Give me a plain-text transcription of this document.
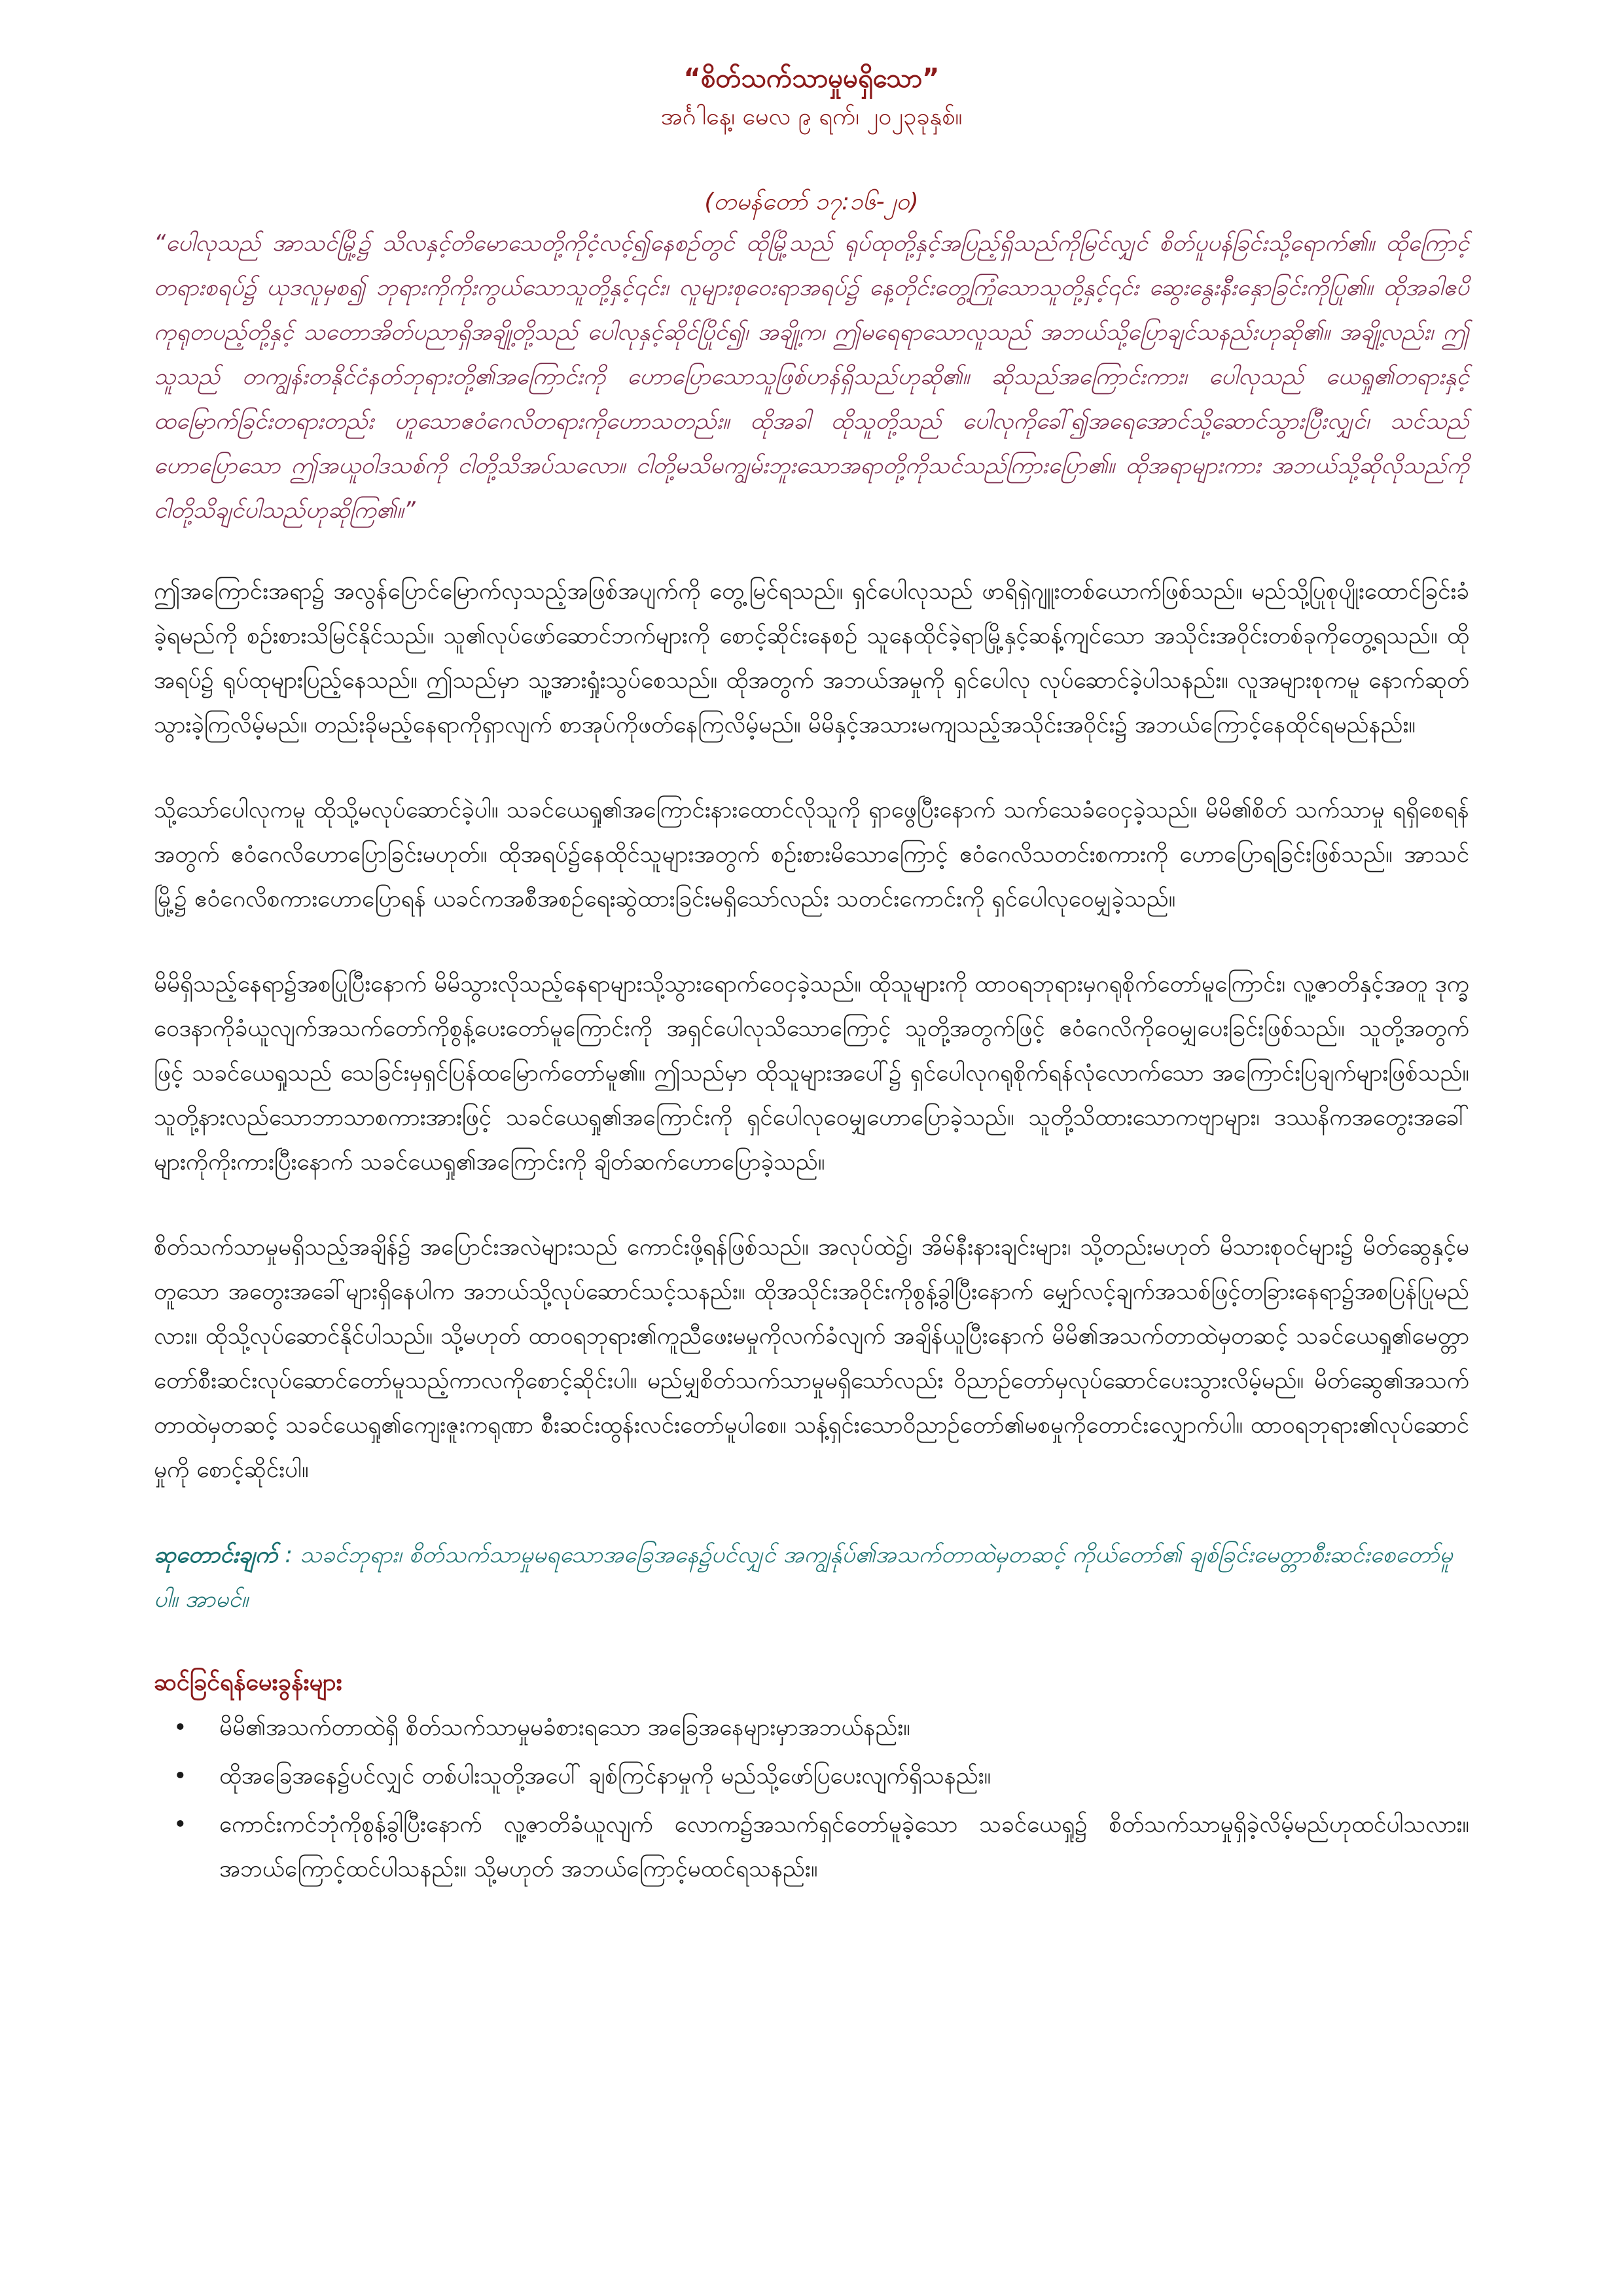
“စိတ်သက်သာမှုမရှိသော”

အင်္ဂါနေ့၊ မေလ ၉ ရက်၊ ၂၀၂၃ခုနှစ်။

(တမန်တော် ၁၇:၁၆-၂၀)

“ပေါလုသည် အာသင်မြို့၌ သိလနှင့်တိမောသေတို့ကိုငံ့လင့်၍နေစဉ်တွင် ထိုမြို့သည် ရုပ်ထုတို့နှင့်အပြည့်ရှိသည်ကိုမြင်လျှင် စိတ်ပူပန်ခြင်းသို့ရောက်၏။ ထိုကြောင့် တရားစရပ်၌ ယုဒလူမှစ၍ ဘုရားကိုကိုးကွယ်သောသူတို့နှင့်၎င်း၊ လူများစုဝေးရာအရပ်၌ နေ့တိုင်းတွေ့ကြုံသောသူတို့နှင့်၎င်း ဆွေးနွေးနီးနှောခြင်းကိုပြု၏။ ထိုအခါဧပိကုရုတပည့်တို့နှင့် သတောအိတ်ပညာရှိအချို့တို့သည် ပေါလုနှင့်ဆိုင်ပြိုင်၍၊ အချို့က၊ ဤမရေရာသောလူသည် အဘယ်သို့ပြောချင်သနည်းဟုဆို၏။ အချို့လည်း၊ ဤသူသည် တကျွန်းတနိုင်ငံနတ်ဘုရားတို့၏အကြောင်းကို ဟောပြောသောသူဖြစ်ဟန်ရှိသည်ဟုဆို၏။ ဆိုသည်အကြောင်းကား၊ ပေါလုသည် ယေရှု၏တရားနှင့်ထမြောက်ခြင်းတရားတည်း ဟူသောဧဝံဂေလိတရားကိုဟောသတည်း။ ထိုအခါ ထိုသူတို့သည် ပေါလုကိုခေါ်၍အရေအောင်သို့ဆောင်သွားပြီးလျှင်၊ သင်သည်ဟောပြောသော ဤအယူဝါဒသစ်ကို ငါတို့သိအပ်သလော။ ငါတို့မသိမကျွမ်းဘူးသောအရာတို့ကိုသင်သည်ကြားပြော၏။ ထိုအရာများကား အဘယ်သို့ဆိုလိုသည်ကို ငါတို့သိချင်ပါသည်ဟုဆိုကြ၏။”

ဤအကြောင်းအရာ၌ အလွန်ပြောင်မြောက်လှသည့်အဖြစ်အပျက်ကို တွေ့မြင်ရသည်။ ရှင်ပေါလုသည် ဖာရိရှဲဂျူးတစ်ယောက်ဖြစ်သည်။ မည်သို့ပြုစုပျိုးထောင်ခြင်းခံခဲ့ရမည်ကို စဉ်းစားသိမြင်နိုင်သည်။ သူ၏လုပ်ဖော်ဆောင်ဘက်များကို စောင့်ဆိုင်းနေစဉ် သူနေထိုင်ခဲ့ရာမြို့နှင့်ဆန့်ကျင်သော အသိုင်းအဝိုင်းတစ်ခုကိုတွေ့ရသည်။ ထိုအရပ်၌ ရုပ်ထုများပြည့်နေသည်။ ဤသည်မှာ သူ့အားရှုံးသွပ်စေသည်။ ထိုအတွက် အဘယ်အမှုကို ရှင်ပေါလု လုပ်ဆောင်ခဲ့ပါသနည်း။ လူအများစုကမူ နောက်ဆုတ်သွားခဲ့ကြလိမ့်မည်။ တည်းခိုမည့်နေရာကိုရှာလျက် စာအုပ်ကိုဖတ်နေကြလိမ့်မည်။ မိမိနှင့်အသားမကျသည့်အသိုင်းအဝိုင်း၌ အဘယ်ကြောင့်နေထိုင်ရမည်နည်း။

သို့သော်ပေါလုကမူ ထိုသို့မလုပ်ဆောင်ခဲ့ပါ။ သခင်ယေရှု၏အကြောင်းနားထောင်လိုသူကို ရှာဖွေပြီးနောက် သက်သေခံဝေငှခဲ့သည်။ မိမိ၏စိတ် သက်သာမှု ရရှိစေရန်အတွက် ဧဝံဂေလိဟောပြောခြင်းမဟုတ်။ ထိုအရပ်၌နေထိုင်သူများအတွက် စဉ်းစားမိသောကြောင့် ဧဝံဂေလိသတင်းစကားကို ဟောပြောရခြင်းဖြစ်သည်။ အာသင်မြို့၌ ဧဝံဂေလိစကားဟောပြောရန် ယခင်ကအစီအစဉ်ရေးဆွဲထားခြင်းမရှိသော်လည်း သတင်းကောင်းကို ရှင်ပေါလုဝေမျှခဲ့သည်။

မိမိရှိသည့်နေရာ၌အစပြုပြီးနောက် မိမိသွားလိုသည့်နေရာများသို့သွားရောက်ဝေငှခဲ့သည်။ ထိုသူများကို ထာဝရဘုရားမှဂရုစိုက်တော်မူကြောင်း၊ လူ့ဇာတိနှင့်အတူ ဒုက္ခဝေဒနာကိုခံယူလျက်အသက်တော်ကိုစွန့်ပေးတော်မူကြောင်းကို အရှင်ပေါလုသိသောကြောင့် သူတို့အတွက်ဖြင့် ဧဝံဂေလိကိုဝေမျှပေးခြင်းဖြစ်သည်။ သူတို့အတွက်ဖြင့် သခင်ယေရှုသည် သေခြင်းမှရှင်ပြန်ထမြောက်တော်မူ၏။ ဤသည်မှာ ထိုသူများအပေါ်၌ ရှင်ပေါလုဂရုစိုက်ရန်လုံလောက်သော အကြောင်းပြချက်များဖြစ်သည်။ သူတို့နားလည်သောဘာသာစကားအားဖြင့် သခင်ယေရှု၏အကြောင်းကို ရှင်ပေါလုဝေမျှဟောပြောခဲ့သည်။ သူတို့သိထားသောကဗျာများ၊ ဒဿနိကအတွေးအခေါ်များကိုကိုးကားပြီးနောက် သခင်ယေရှု၏အကြောင်းကို ချိတ်ဆက်ဟောပြောခဲ့သည်။

စိတ်သက်သာမှုမရှိသည့်အချိန်၌ အပြောင်းအလဲများသည် ကောင်းဖို့ရန်ဖြစ်သည်။ အလုပ်ထဲ၌၊ အိမ်နီးနားချင်းများ၊ သို့တည်းမဟုတ် မိသားစုဝင်များ၌ မိတ်ဆွေနှင့်မတူသော အတွေးအခေါ်များရှိနေပါက အဘယ်သို့လုပ်ဆောင်သင့်သနည်း။ ထိုအသိုင်းအဝိုင်းကိုစွန့်ခွါပြီးနောက် မျှော်လင့်ချက်အသစ်ဖြင့်တခြားနေရာ၌အစပြန်ပြုမည်လား။ ထိုသို့လုပ်ဆောင်နိုင်ပါသည်။ သို့မဟုတ် ထာဝရဘုရား၏ကူညီဖေးမမှုကိုလက်ခံလျက် အချိန်ယူပြီးနောက် မိမိ၏အသက်တာထဲမှတဆင့် သခင်ယေရှု၏မေတ္တာတော်စီးဆင်းလုပ်ဆောင်တော်မူသည့်ကာလကိုစောင့်ဆိုင်းပါ။ မည်မျှစိတ်သက်သာမှုမရှိသော်လည်း ဝိညာဉ်တော်မှလုပ်ဆောင်ပေးသွားလိမ့်မည်။ မိတ်ဆွေ၏အသက်တာထဲမှတဆင့် သခင်ယေရှု၏ကျေးဇူးကရုဏာ စီးဆင်းထွန်းလင်းတော်မူပါစေ။ သန့်ရှင်းသောဝိညာဉ်တော်၏မစမှုကိုတောင်းလျှောက်ပါ။ ထာဝရဘုရား၏လုပ်ဆောင်မှုကို စောင့်ဆိုင်းပါ။

ဆုတောင်းချက် : သခင်ဘုရား၊ စိတ်သက်သာမှုမရသောအခြေအနေ၌ပင်လျှင် အကျွန်ုပ်၏အသက်တာထဲမှတဆင့် ကိုယ်တော်၏ ချစ်ခြင်းမေတ္တာစီးဆင်းစေတော်မူပါ။ အာမင်။

ဆင်ခြင်ရန်မေးခွန်းများ

• မိမိ၏အသက်တာထဲရှိ စိတ်သက်သာမှုမခံစားရသော အခြေအနေများမှာအဘယ်နည်း။
• ထိုအခြေအနေ၌ပင်လျှင် တစ်ပါးသူတို့အပေါ် ချစ်ကြင်နာမှုကို မည်သို့ဖော်ပြပေးလျက်ရှိသနည်း။
• ကောင်းကင်ဘုံကိုစွန့်ခွါပြီးနောက် လူ့ဇာတိခံယူလျက် လောက၌အသက်ရှင်တော်မူခဲ့သော သခင်ယေရှု၌ စိတ်သက်သာမှုရှိခဲ့လိမ့်မည်ဟုထင်ပါသလား။ အဘယ်ကြောင့်ထင်ပါသနည်း။ သို့မဟုတ် အဘယ်ကြောင့်မထင်ရသနည်း။
